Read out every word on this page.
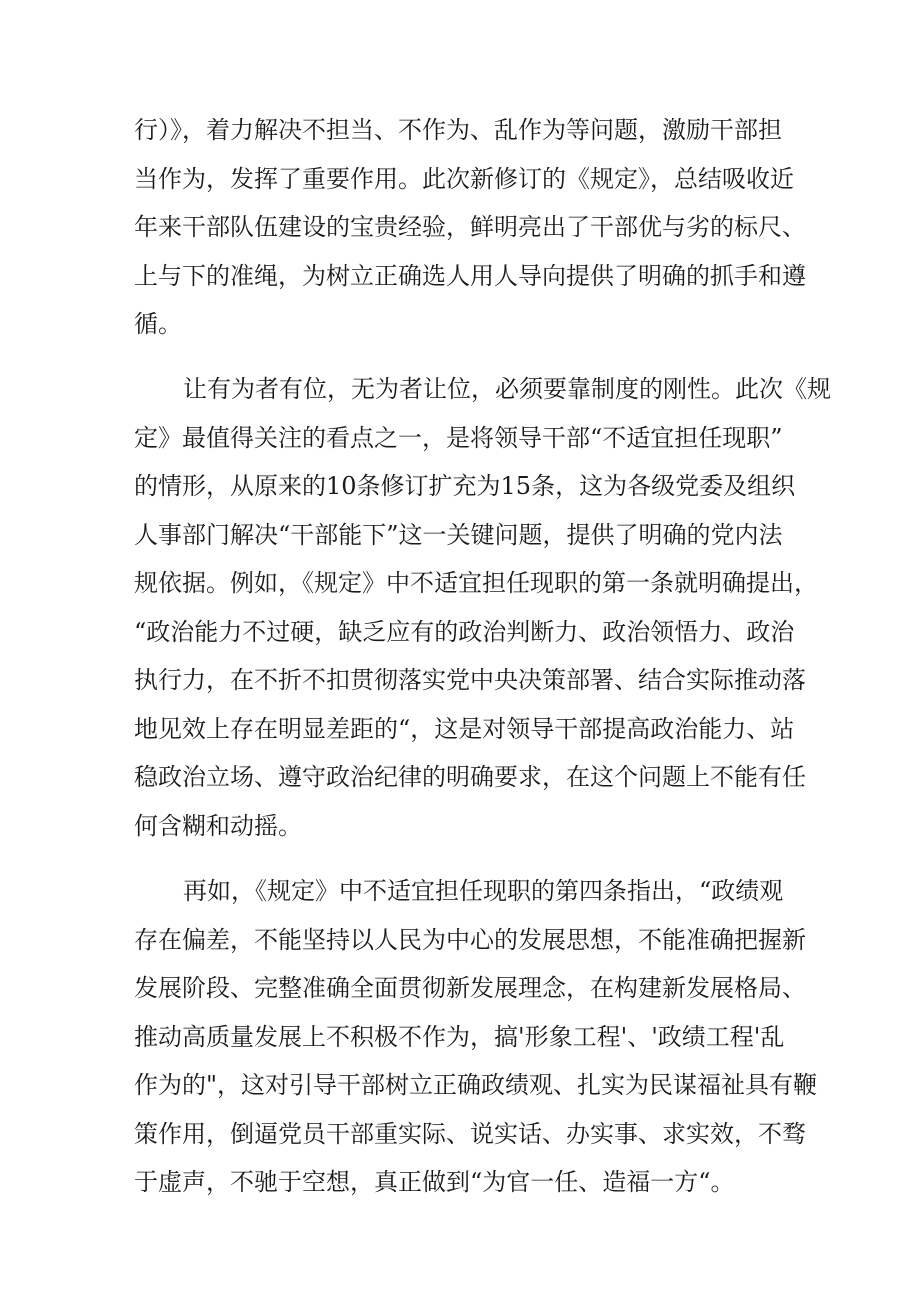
行）》，着力解决不担当、不作为、乱作为等问题，激励干部担
当作为，发挥了重要作用。此次新修订的《规定》，总结吸收近
年来干部队伍建设的宝贵经验，鲜明亮出了干部优与劣的标尺、
上与下的准绳，为树立正确选人用人导向提供了明确的抓手和遵
循。
让有为者有位，无为者让位，必须要靠制度的刚性。此次《规
定》最值得关注的看点之一，是将领导干部“不适宜担任现职”
的情形，从原来的10条修订扩充为15条，这为各级党委及组织
人事部门解决“干部能下”这一关键问题，提供了明确的党内法
规依据。例如，《规定》中不适宜担任现职的第一条就明确提出，
“政治能力不过硬，缺乏应有的政治判断力、政治领悟力、政治
执行力，在不折不扣贯彻落实党中央决策部署、结合实际推动落
地见效上存在明显差距的“，这是对领导干部提高政治能力、站
稳政治立场、遵守政治纪律的明确要求，在这个问题上不能有任
何含糊和动摇。
再如，《规定》中不适宜担任现职的第四条指出，“政绩观
存在偏差，不能坚持以人民为中心的发展思想，不能准确把握新
发展阶段、完整准确全面贯彻新发展理念，在构建新发展格局、
推动高质量发展上不积极不作为，搞'形象工程'、'政绩工程'乱
作为的"，这对引导干部树立正确政绩观、扎实为民谋福祉具有鞭
策作用，倒逼党员干部重实际、说实话、办实事、求实效，不骛
于虚声，不驰于空想，真正做到“为官一任、造福一方“。
